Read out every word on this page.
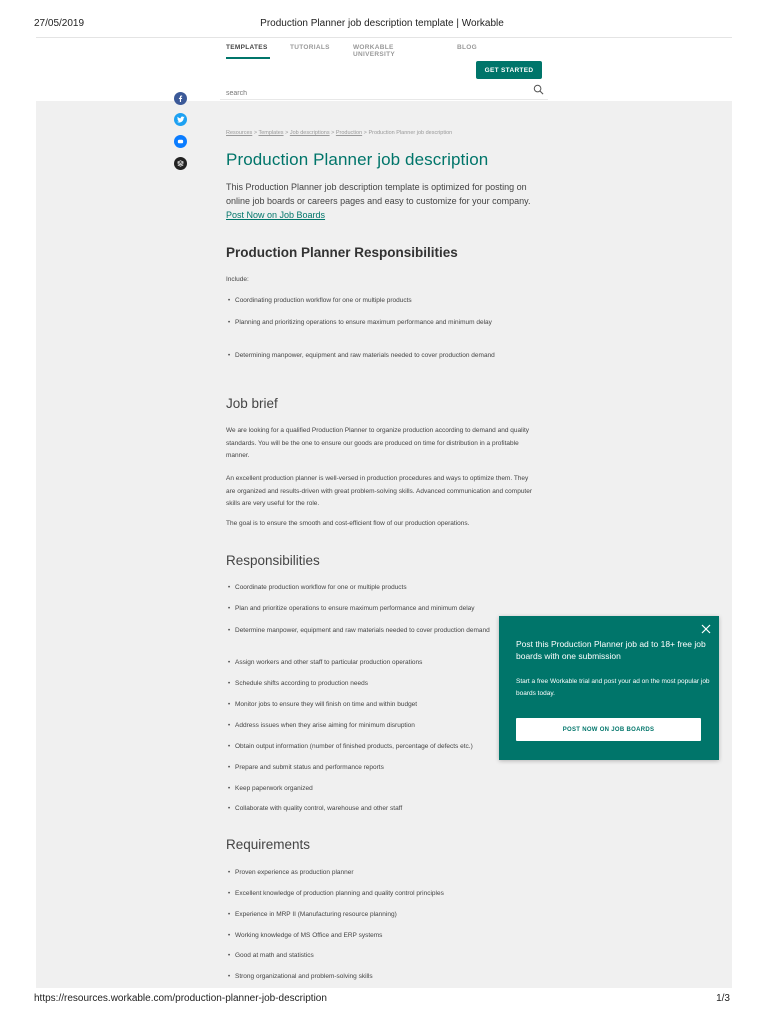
27/05/2019	Production Planner job description template | Workable
TEMPLATES	TUTORIALS	WORKABLE UNIVERSITY
BLOG
GET STARTED
search
Resources > Templates > Job descriptions > Production > Production Planner job description
Production Planner job description

This Production Planner job description template is optimized for posting on online job boards or careers pages and easy to customize for your company. Post Now on Job Boards

Production Planner Responsibilities

Include:

• Coordinating production workflow for one or multiple products
• Planning and prioritizing operations to ensure maximum performance and minimum delay
• Determining manpower, equipment and raw materials needed to cover production demand
Job brief

We are looking for a qualified Production Planner to organize production according to demand and quality standards. You will be the one to ensure our goods are produced on time for distribution in a profitable manner.

An excellent production planner is well-versed in production procedures and ways to optimize them. They are organized and results-driven with great problem-solving skills. Advanced communication and computer skills are very useful for the role.

The goal is to ensure the smooth and cost-efficient flow of our production operations.

Responsibilities
• Coordinate production workflow for one or multiple products
• Plan and prioritize operations to ensure maximum performance and minimum delay
• Determine manpower, equipment and raw materials needed to cover production demand
• Assign workers and other staff to particular production operations
• Schedule shifts according to production needs
• Monitor jobs to ensure they will finish on time and within budget
• Address issues when they arise aiming for minimum disruption
• Obtain output information (number of finished products, percentage of defects etc.)
• Prepare and submit status and performance reports
• Keep paperwork organized
• Collaborate with quality control, warehouse and other staff
Requirements
• Proven experience as production planner
• Excellent knowledge of production planning and quality control principles
• Experience in MRP II (Manufacturing resource planning)
• Working knowledge of MS Office and ERP systems
• Good at math and statistics
• Strong organizational and problem-solving skills
Post this Production Planner job ad to 18+ free job boards with one submission
Start a free Workable trial and post your ad on the most popular job boards today.
POST NOW ON JOB BOARDS
https://resources.workable.com/production-planner-job-description	1/3
